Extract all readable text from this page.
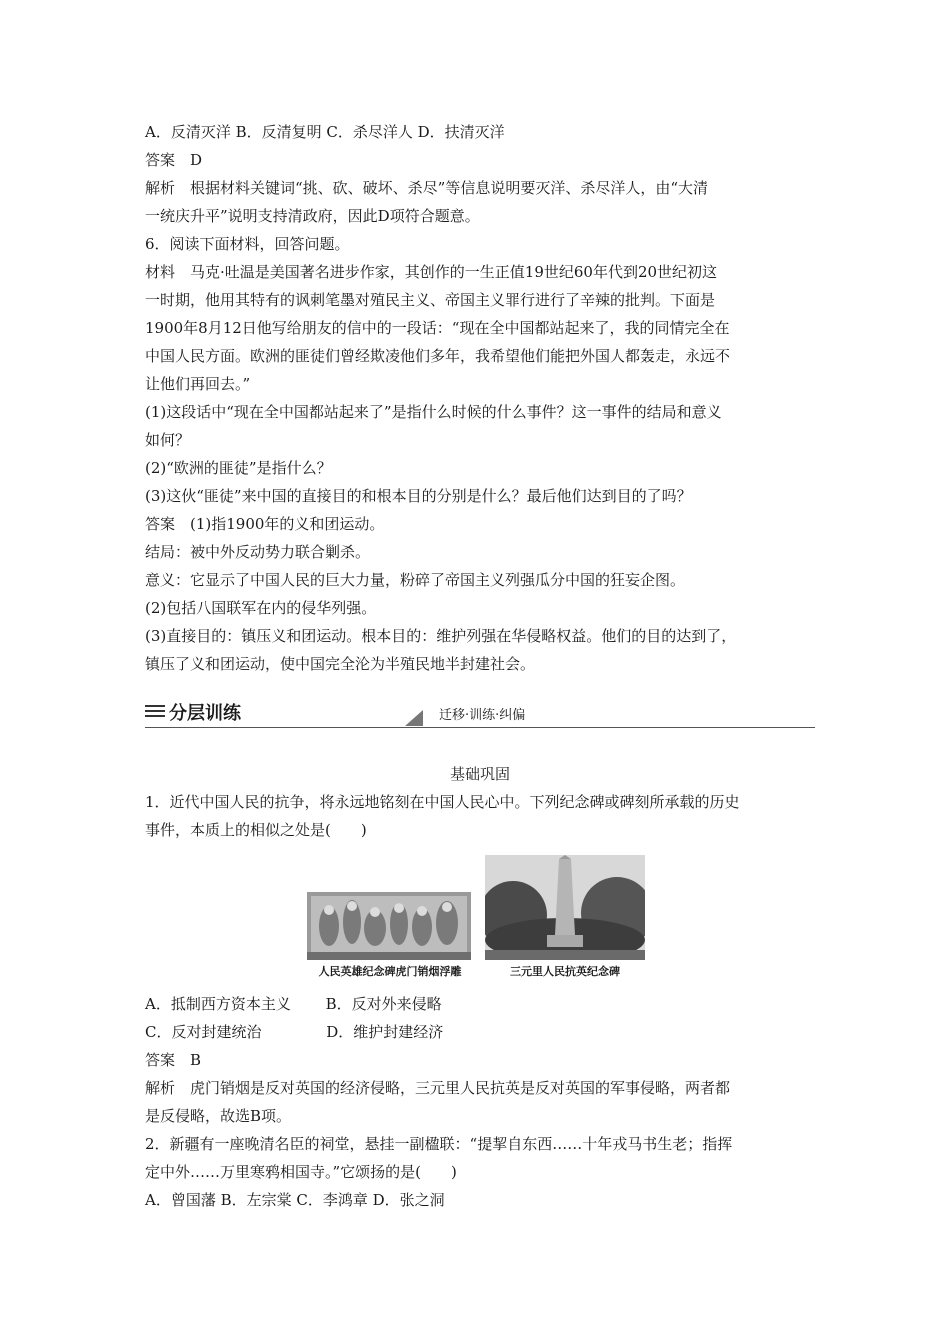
A．反清灭洋 B．反清复明 C．杀尽洋人 D．扶清灭洋
答案　D
解析　根据材料关键词“挑、砍、破坏、杀尽”等信息说明要灭洋、杀尽洋人，由“大清
一统庆升平”说明支持清政府，因此D项符合题意。
6．阅读下面材料，回答问题。
材料　马克·吐温是美国著名进步作家，其创作的一生正值19世纪60年代到20世纪初这
一时期，他用其特有的讽刺笔墨对殖民主义、帝国主义罪行进行了辛辣的批判。下面是
1900年8月12日他写给朋友的信中的一段话：“现在全中国都站起来了，我的同情完全在
中国人民方面。欧洲的匪徒们曾经欺凌他们多年，我希望他们能把外国人都轰走，永远不
让他们再回去。”
(1)这段话中“现在全中国都站起来了”是指什么时候的什么事件？这一事件的结局和意义
如何？
(2)“欧洲的匪徒”是指什么？
(3)这伙“匪徒”来中国的直接目的和根本目的分别是什么？最后他们达到目的了吗？
答案　(1)指1900年的义和团运动。
结局：被中外反动势力联合剿杀。
意义：它显示了中国人民的巨大力量，粉碎了帝国主义列强瓜分中国的狂妄企图。
(2)包括八国联军在内的侵华列强。
(3)直接目的：镇压义和团运动。根本目的：维护列强在华侵略权益。他们的目的达到了，
镇压了义和团运动，使中国完全沦为半殖民地半封建社会。
分层训练	迁移·训练·纠偏
基础巩固
1．近代中国人民的抗争，将永远地铭刻在中国人民心中。下列纪念碑或碑刻所承载的历史
事件，本质上的相似之处是(　　)
人民英雄纪念碑虎门销烟浮雕	三元里人民抗英纪念碑
A．抵制西方资本主义　　 B．反对外来侵略
C．反对封建统治　　　　 D．维护封建经济
答案　B
解析　虎门销烟是反对英国的经济侵略，三元里人民抗英是反对英国的军事侵略，两者都
是反侵略，故选B项。
2．新疆有一座晚清名臣的祠堂，悬挂一副楹联：“提挈自东西……十年戎马书生老；指挥
定中外……万里寒鸦相国寺。”它颂扬的是(　　)
A．曾国藩 B．左宗棠 C．李鸿章 D．张之洞
